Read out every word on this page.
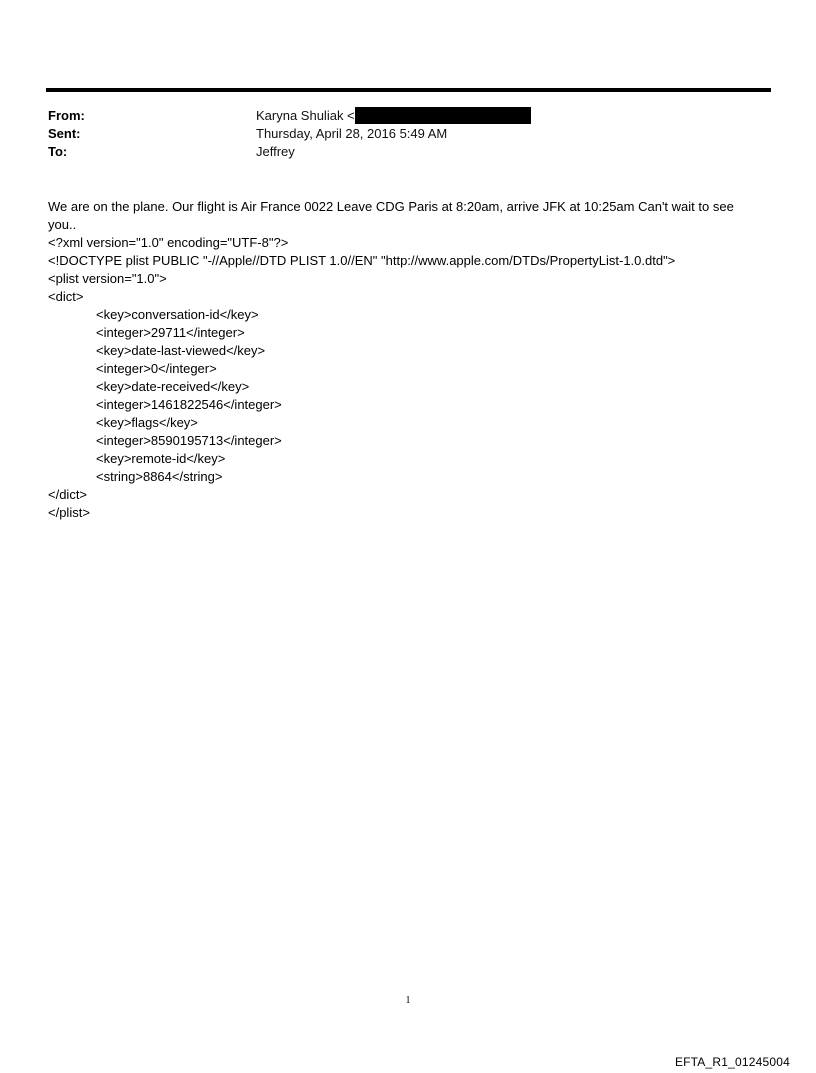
From:	Karyna Shuliak <
Sent:	Thursday, April 28, 2016 5:49 AM
To:	Jeffrey
We are on the plane. Our flight is Air France 0022 Leave CDG Paris at 8:20am, arrive JFK at 10:25am Can't wait to see
you..
<?xml version="1.0" encoding="UTF-8"?>
<!DOCTYPE plist PUBLIC "-//Apple//DTD PLIST 1.0//EN" "http://www.apple.com/DTDs/PropertyList-1.0.dtd">
<plist version="1.0">
<dict>
<key>conversation-id</key>
<integer>29711</integer>
<key>date-last-viewed</key>
<integer>0</integer>
<key>date-received</key>
<integer>1461822546</integer>
<key>flags</key>
<integer>8590195713</integer>
<key>remote-id</key>
<string>8864</string>
</dict>
</plist>
1
EFTA_R1_01245004
